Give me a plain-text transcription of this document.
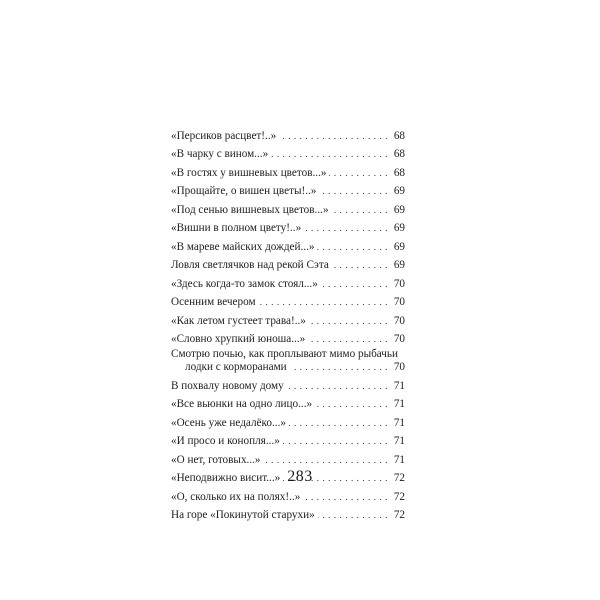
«Персиков расцвет!..» . . .	68
«В чарку с вином...» . . .	68
«В гостях у вишневых цветов...» . . .	68
«Прощайте, о вишен цветы!..» . . .	69
«Под сенью вишневых цветов...» . . .	69
«Вишни в полном цвету!..» . . .	69
«В мареве майских дождей...» . . .	69
Ловля светлячков над рекой Сэта . . .	69
«Здесь когда-то замок стоял...» . . .	70
Осенним вечером . . .	70
«Как летом густеет трава!..» . . .	70
«Словно хрупкий юноша...» . . .	70
Смотрю почью, как проплывают мимо рыбачьи
лодки с корморанами . . .	70
В похвалу новому дому . . .	71
«Все вьюнки на одно лицо...» . . .	71
«Осень уже недалёко...» . . .	71
«И просо и конопля...» . . .	71
«О нет, готовых...» . . .	71
«Неподвижно висит...» . . .	72
«О, сколько их на полях!..» . . .	72
На горе «Покинутой старухи» . . .	72
283
